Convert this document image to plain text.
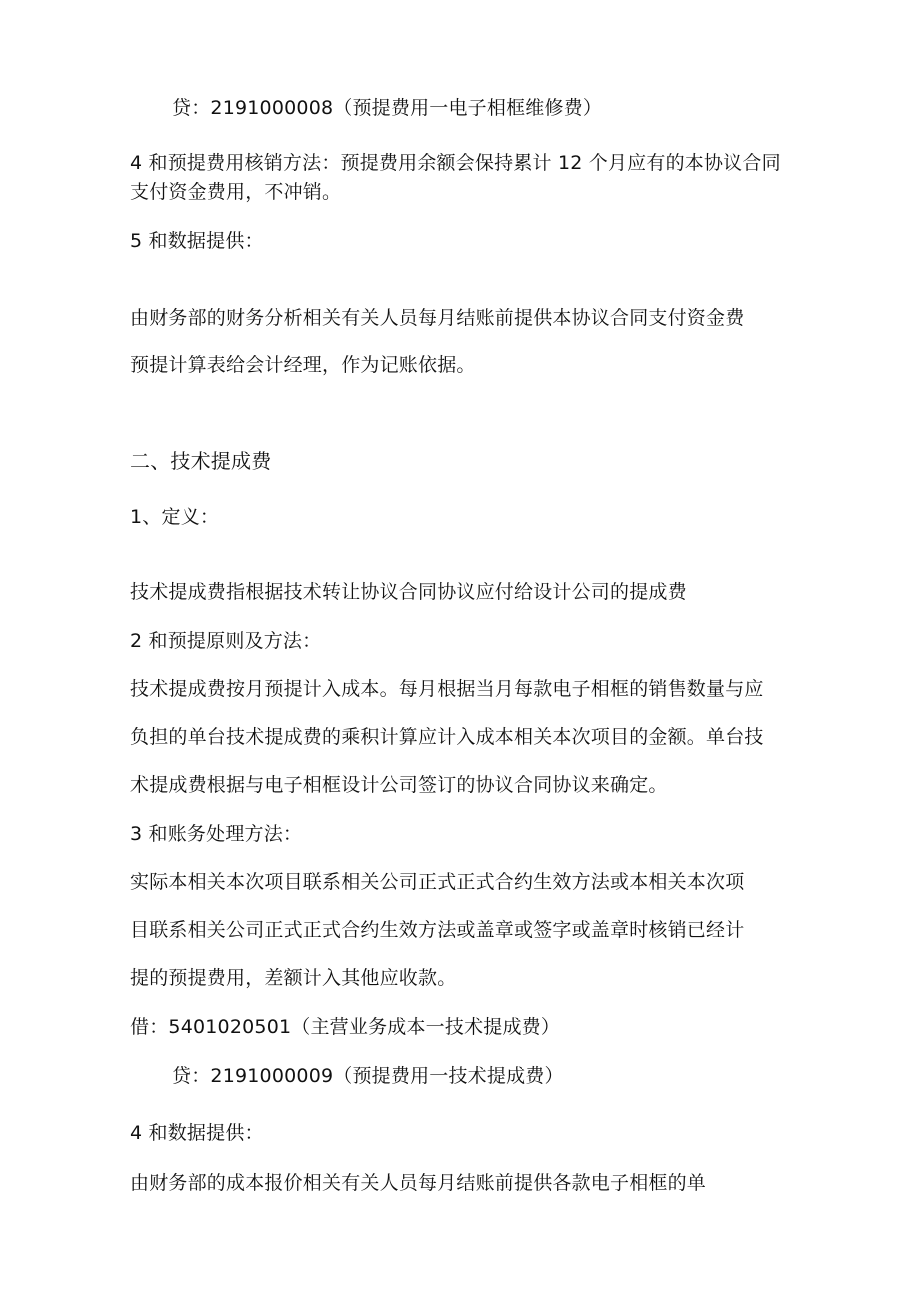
贷：2191000008（预提费用一电子相框维修费）
4 和预提费用核销方法：预提费用余额会保持累计 12 个月应有的本协议合同
支付资金费用，不冲销。
5 和数据提供：
由财务部的财务分析相关有关人员每月结账前提供本协议合同支付资金费
预提计算表给会计经理，作为记账依据。
二、技术提成费
1、定义：
技术提成费指根据技术转让协议合同协议应付给设计公司的提成费
2 和预提原则及方法：
技术提成费按月预提计入成本。每月根据当月每款电子相框的销售数量与应
负担的单台技术提成费的乘积计算应计入成本相关本次项目的金额。单台技
术提成费根据与电子相框设计公司签订的协议合同协议来确定。
3 和账务处理方法：
实际本相关本次项目联系相关公司正式正式合约生效方法或本相关本次项
目联系相关公司正式正式合约生效方法或盖章或签字或盖章时核销已经计
提的预提费用，差额计入其他应收款。
借：5401020501（主营业务成本一技术提成费）
贷：2191000009（预提费用一技术提成费）
4 和数据提供：
由财务部的成本报价相关有关人员每月结账前提供各款电子相框的单
